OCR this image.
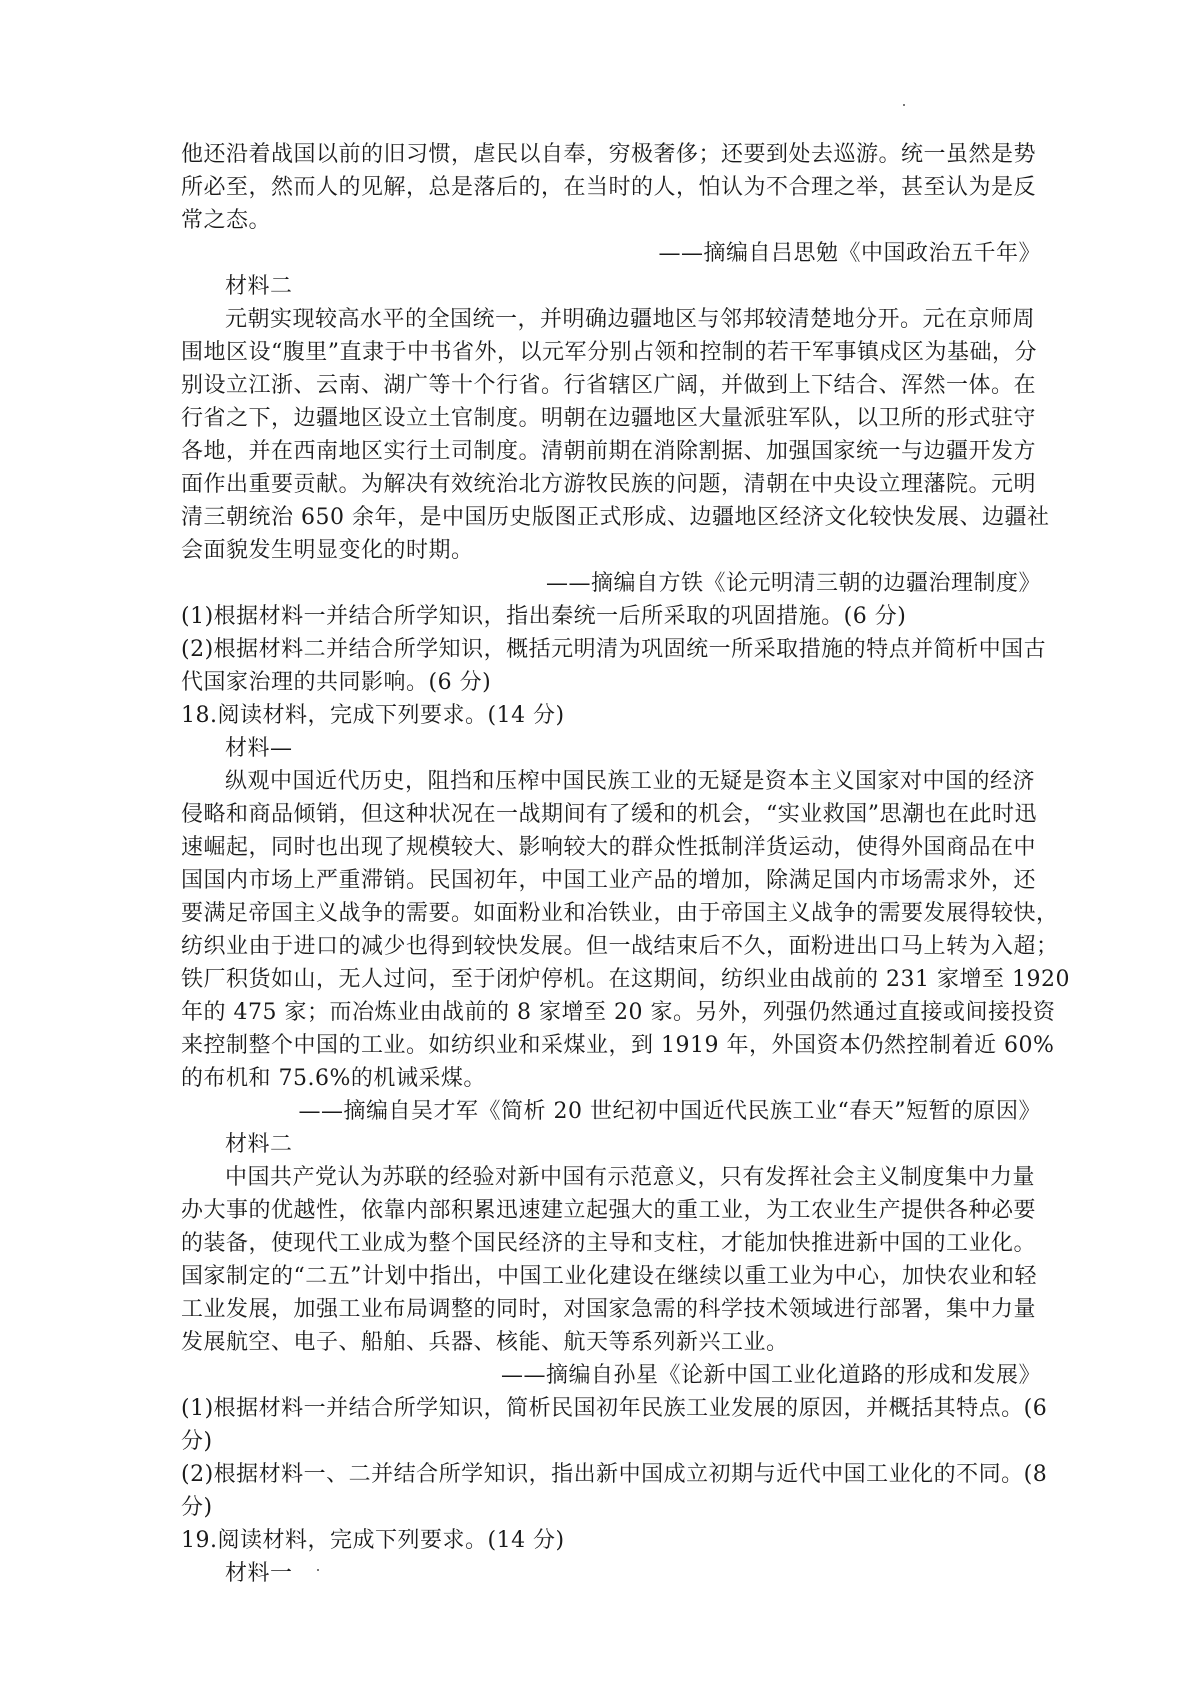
他还沿着战国以前的旧习惯，虐民以自奉，穷极奢侈；还要到处去巡游。统一虽然是势
所必至，然而人的见解，总是落后的，在当时的人，怕认为不合理之举，甚至认为是反
常之态。
——摘编自吕思勉《中国政治五千年》
材料二
元朝实现较高水平的全国统一，并明确边疆地区与邻邦较清楚地分开。元在京师周
围地区设“腹里”直隶于中书省外，以元军分别占领和控制的若干军事镇戍区为基础，分
别设立江浙、云南、湖广等十个行省。行省辖区广阔，并做到上下结合、浑然一体。在
行省之下，边疆地区设立土官制度。明朝在边疆地区大量派驻军队，以卫所的形式驻守
各地，并在西南地区实行土司制度。清朝前期在消除割据、加强国家统一与边疆开发方
面作出重要贡献。为解决有效统治北方游牧民族的问题，清朝在中央设立理藩院。元明
清三朝统治 650 余年，是中国历史版图正式形成、边疆地区经济文化较快发展、边疆社
会面貌发生明显变化的时期。
——摘编自方铁《论元明清三朝的边疆治理制度》
(1)根据材料一并结合所学知识，指出秦统一后所采取的巩固措施。(6 分)
(2)根据材料二并结合所学知识，概括元明清为巩固统一所采取措施的特点并简析中国古
代国家治理的共同影响。(6 分)
18.阅读材料，完成下列要求。(14 分)
材料—
纵观中国近代历史，阻挡和压榨中国民族工业的无疑是资本主义国家对中国的经济
侵略和商品倾销，但这种状况在一战期间有了缓和的机会，“实业救国”思潮也在此时迅
速崛起，同时也出现了规模较大、影响较大的群众性抵制洋货运动，使得外国商品在中
国国内市场上严重滞销。民国初年，中国工业产品的增加，除满足国内市场需求外，还
要满足帝国主义战争的需要。如面粉业和冶铁业，由于帝国主义战争的需要发展得较快，
纺织业由于进口的减少也得到较快发展。但一战结束后不久，面粉进出口马上转为入超；
铁厂积货如山，无人过问，至于闭炉停机。在这期间，纺织业由战前的 231 家增至 1920
年的 475 家；而冶炼业由战前的 8 家增至 20 家。另外，列强仍然通过直接或间接投资
来控制整个中国的工业。如纺织业和采煤业，到 1919 年，外国资本仍然控制着近 60%
的布机和 75.6%的机诫采煤。
——摘编自吴才军《简析 20 世纪初中国近代民族工业“春天”短暂的原因》
材料二
中国共产党认为苏联的经验对新中国有示范意义，只有发挥社会主义制度集中力量
办大事的优越性，依靠内部积累迅速建立起强大的重工业，为工农业生产提供各种必要
的装备，使现代工业成为整个国民经济的主导和支柱，才能加快推进新中国的工业化。
国家制定的“二五”计划中指出，中国工业化建设在继续以重工业为中心，加快农业和轻
工业发展，加强工业布局调整的同时，对国家急需的科学技术领域进行部署，集中力量
发展航空、电子、船舶、兵器、核能、航天等系列新兴工业。
——摘编自孙星《论新中国工业化道路的形成和发展》
(1)根据材料一并结合所学知识，简析民国初年民族工业发展的原因，并概括其特点。(6
分)
(2)根据材料一、二并结合所学知识，指出新中国成立初期与近代中国工业化的不同。(8
分)
19.阅读材料，完成下列要求。(14 分)
材料一
